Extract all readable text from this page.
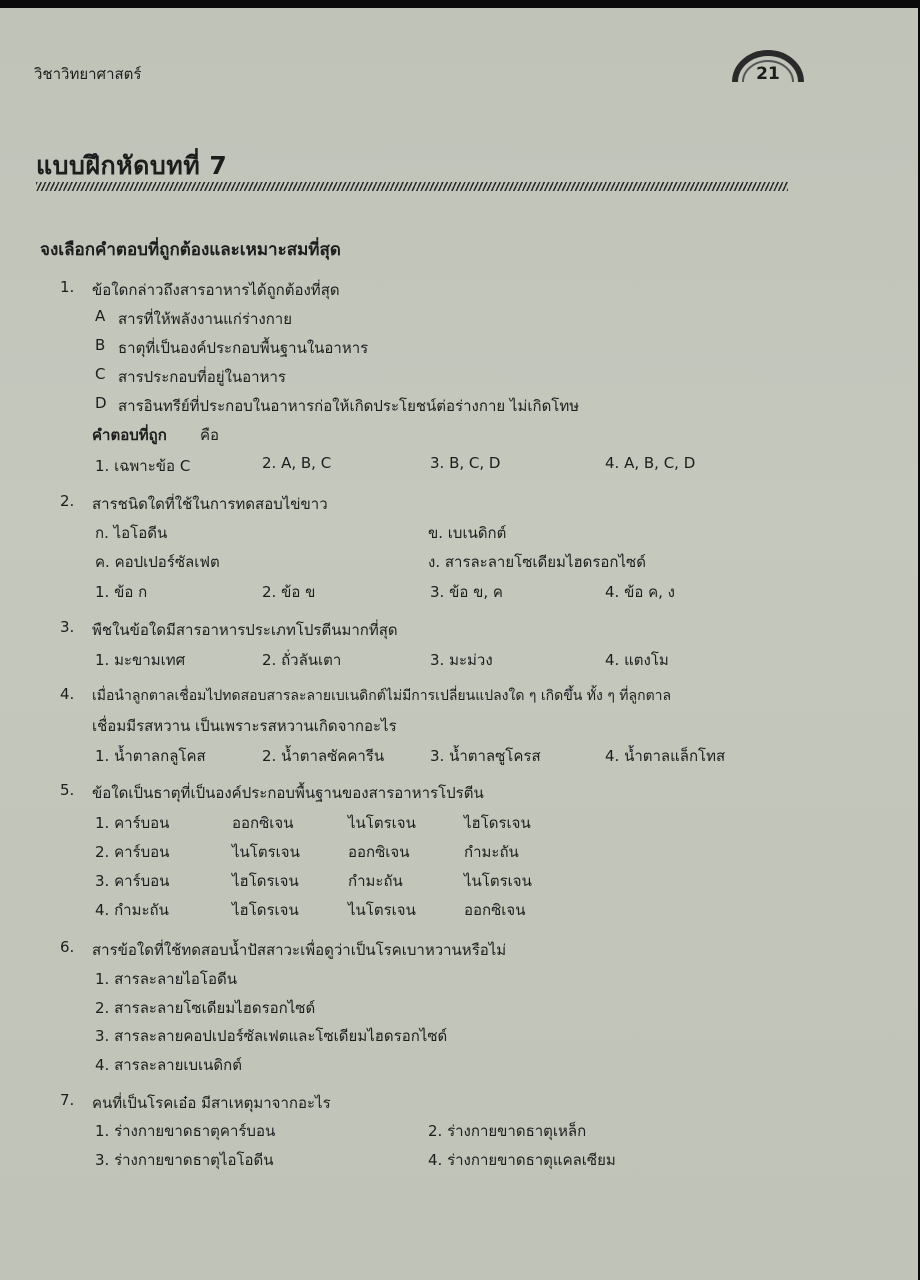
วิชาวิทยาศาสตร์	21
แบบฝึกหัดบทที่ 7
จงเลือกคำตอบที่ถูกต้องและเหมาะสมที่สุด
1. ข้อใดกล่าวถึงสารอาหารได้ถูกต้องที่สุด
A สารที่ให้พลังงานแก่ร่างกาย
B ธาตุที่เป็นองค์ประกอบพื้นฐานในอาหาร
C สารประกอบที่อยู่ในอาหาร
D สารอินทรีย์ที่ประกอบในอาหารก่อให้เกิดประโยชน์ต่อร่างกาย ไม่เกิดโทษ
คำตอบที่ถูก คือ
1. เฉพาะข้อ C	2. A, B, C	3. B, C, D	4. A, B, C, D
2. สารชนิดใดที่ใช้ในการทดสอบไข่ขาว
ก. ไอโอดีน	ข. เบเนดิกต์
ค. คอปเปอร์ซัลเฟต	ง. สารละลายโซเดียมไฮดรอกไซด์
1. ข้อ ก	2. ข้อ ข	3. ข้อ ข, ค	4. ข้อ ค, ง
3. พืชในข้อใดมีสารอาหารประเภทโปรตีนมากที่สุด
1. มะขามเทศ	2. ถั่วลันเตา	3. มะม่วง	4. แตงโม
4. เมื่อนำลูกตาลเชื่อมไปทดสอบสารละลายเบเนดิกต์ไม่มีการเปลี่ยนแปลงใด ๆ เกิดขึ้น ทั้ง ๆ ที่ลูกตาล
เชื่อมมีรสหวาน เป็นเพราะรสหวานเกิดจากอะไร
1. น้ำตาลกลูโคส	2. น้ำตาลซัคคารีน	3. น้ำตาลซูโครส	4. น้ำตาลแล็กโทส
5. ข้อใดเป็นธาตุที่เป็นองค์ประกอบพื้นฐานของสารอาหารโปรตีน
1. คาร์บอน	ออกซิเจน	ไนโตรเจน	ไฮโดรเจน
2. คาร์บอน	ไนโตรเจน	ออกซิเจน	กำมะถัน
3. คาร์บอน	ไฮโดรเจน	กำมะถัน	ไนโตรเจน
4. กำมะถัน	ไฮโดรเจน	ไนโตรเจน	ออกซิเจน
6. สารข้อใดที่ใช้ทดสอบน้ำปัสสาวะเพื่อดูว่าเป็นโรคเบาหวานหรือไม่
1. สารละลายไอโอดีน
2. สารละลายโซเดียมไฮดรอกไซด์
3. สารละลายคอปเปอร์ซัลเฟตและโซเดียมไฮดรอกไซด์
4. สารละลายเบเนดิกต์
7. คนที่เป็นโรคเอ๋อ มีสาเหตุมาจากอะไร
1. ร่างกายขาดธาตุคาร์บอน	2. ร่างกายขาดธาตุเหล็ก
3. ร่างกายขาดธาตุไอโอดีน	4. ร่างกายขาดธาตุแคลเซียม
